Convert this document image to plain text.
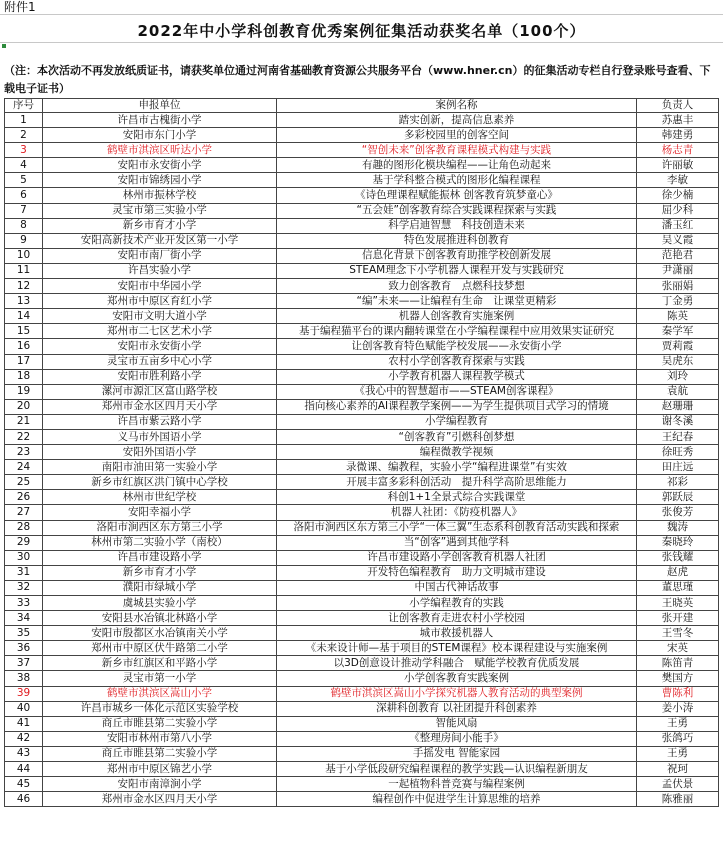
附件1
2022年中小学科创教育优秀案例征集活动获奖名单（100个）
（注：本次活动不再发放纸质证书，请获奖单位通过河南省基础教育资源公共服务平台（www.hner.cn）的征集活动专栏自行登录账号查看、下载电子证书）
序号	申报单位	案例名称	负责人
1	许昌市古槐街小学	踏实创新，提高信息素养	苏惠丰
2	安阳市东门小学	多彩校园里的创客空间	韩建勇
3	鹤壁市淇滨区昕达小学	“智创未来”创客教育课程模式构建与实践	杨志青
4	安阳市永安街小学	有趣的图形化模块编程——让角色动起来	许丽敏
5	安阳市锦绣园小学	基于学科整合模式的图形化编程课程	李敏
6	林州市振林学校	《诗色理课程赋能振林 创客教育筑梦童心》	徐少楠
7	灵宝市第三实验小学	“五会娃”创客教育综合实践课程探索与实践	屈少科
8	新乡市育才小学	科学启迪智慧　科技创造未来	潘玉红
9	安阳高新技术产业开发区第一小学	特色发展推进科创教育	吴义霞
10	安阳市南厂街小学	信息化背景下创客教育助推学校创新发展	范艳君
11	许昌实验小学	STEAM理念下小学机器人课程开发与实践研究	尹潇丽
12	安阳市中华园小学	致力创客教育　点燃科技梦想	张丽娟
13	郑州市中原区育红小学	“编”未来——让编程有生命　让课堂更精彩	丁金勇
14	安阳市文明大道小学	机器人创客教育实施案例	陈英
15	郑州市二七区艺术小学	基于编程猫平台的课内翻转课堂在小学编程课程中应用效果实证研究	秦学军
16	安阳市永安街小学	让创客教育特色赋能学校发展——永安街小学	贾莉霞
17	灵宝市五亩乡中心小学	农村小学创客教育探索与实践	吴虎东
18	安阳市胜利路小学	小学教育机器人课程教学模式	刘玲
19	漯河市源汇区富山路学校	《我心中的智慧超市——STEAM创客课程》	袁航
20	郑州市金水区四月天小学	指向核心素养的AI课程教学案例——为学生提供项目式学习的情境	赵珊珊
21	许昌市紫云路小学	小学编程教育	谢冬溪
22	义马市外国语小学	“创客教育”引燃科创梦想	王纪春
23	安阳外国语小学	编程微教学视频	徐旺秀
24	南阳市油田第一实验小学	录微课、编教程，实验小学“编程进课堂”有实效	田庄远
25	新乡市红旗区洪门镇中心学校	开展丰富多彩科创活动　提升科学高阶思维能力	祁彩
26	林州市世纪学校	科创1+1全景式综合实践课堂	郭跃辰
27	安阳幸福小学	机器人社团：《防疫机器人》	张俊芳
28	洛阳市涧西区东方第三小学	洛阳市涧西区东方第三小学“一体三翼”生态系科创教育活动实践和探索	魏涛
29	林州市第二实验小学（南校）	当“创客”遇到其他学科	秦晓玲
30	许昌市建设路小学	许昌市建设路小学创客教育机器人社团	张钱耀
31	新乡市育才小学	开发特色编程教育　助力文明城市建设	赵虎
32	濮阳市绿城小学	中国古代神话故事	董思瑾
33	虞城县实验小学	小学编程教育的实践	王晓英
34	安阳县水冶镇北林路小学	让创客教育走进农村小学校园	张开建
35	安阳市殷都区水冶镇南关小学	城市救援机器人	王雪冬
36	郑州市中原区伏牛路第二小学	《未来设计师—基于项目的STEM课程》校本课程建设与实施案例	宋英
37	新乡市红旗区和平路小学	以3D创意设计推动学科融合　赋能学校教育优质发展	陈笛青
38	灵宝市第一小学	小学创客教育实践案例	樊国方
39	鹤壁市淇滨区嵩山小学	鹤壁市淇滨区嵩山小学探究机器人教育活动的典型案例	曹陈利
40	许昌市城乡一体化示范区实验学校	深耕科创教育 以社团提升科创素养	姜小涛
41	商丘市睢县第二实验小学	智能风扇	王勇
42	安阳市林州市第八小学	《整理房间小能手》	张鸽巧
43	商丘市睢县第二实验小学	手摇发电 智能家园	王勇
44	郑州市中原区锦艺小学	基于小学低段研究编程课程的教学实践—认识编程新朋友	祝珂
45	安阳市南漳涧小学	一起植物科普竞赛与编程案例	孟伏景
46	郑州市金水区四月天小学	编程创作中促进学生计算思维的培养	陈雅丽
